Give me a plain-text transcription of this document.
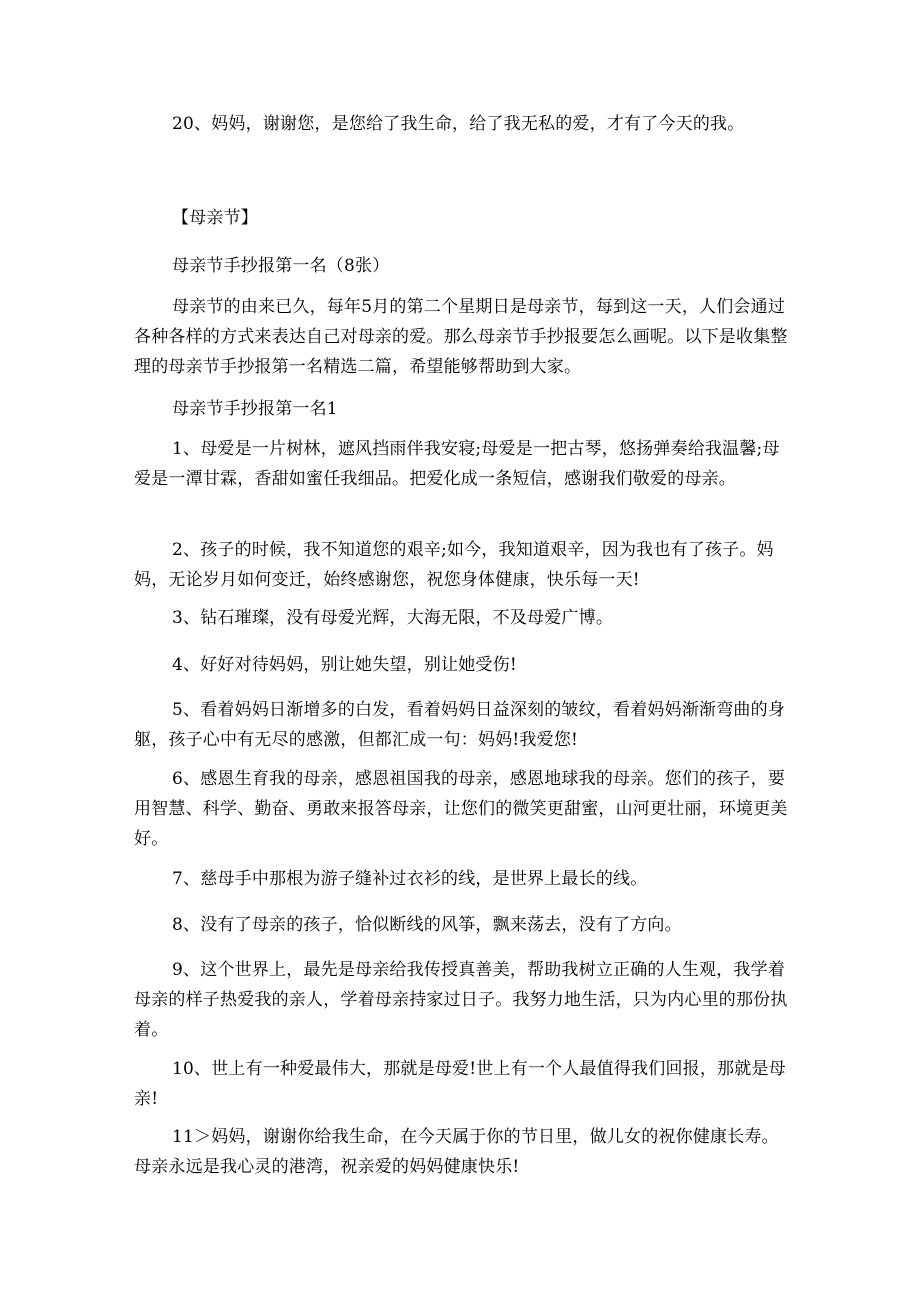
20、妈妈，谢谢您，是您给了我生命，给了我无私的爱，才有了今天的我。

【母亲节】

母亲节手抄报第一名（8张）

母亲节的由来已久，每年5月的第二个星期日是母亲节，每到这一天，人们会通过各种各样的方式来表达自己对母亲的爱。那么母亲节手抄报要怎么画呢。以下是收集整理的母亲节手抄报第一名精选二篇，希望能够帮助到大家。

母亲节手抄报第一名1

1、母爱是一片树林，遮风挡雨伴我安寝;母爱是一把古琴，悠扬弹奏给我温馨;母爱是一潭甘霖，香甜如蜜任我细品。把爱化成一条短信，感谢我们敬爱的母亲。

2、孩子的时候，我不知道您的艰辛;如今，我知道艰辛，因为我也有了孩子。妈妈，无论岁月如何变迁，始终感谢您，祝您身体健康，快乐每一天!

3、钻石璀璨，没有母爱光辉，大海无限，不及母爱广博。

4、好好对待妈妈，别让她失望，别让她受伤!

5、看着妈妈日渐增多的白发，看着妈妈日益深刻的皱纹，看着妈妈渐渐弯曲的身躯，孩子心中有无尽的感激，但都汇成一句：妈妈!我爱您!

6、感恩生育我的母亲，感恩祖国我的母亲，感恩地球我的母亲。您们的孩子，要用智慧、科学、勤奋、勇敢来报答母亲，让您们的微笑更甜蜜，山河更壮丽，环境更美好。

7、慈母手中那根为游子缝补过衣衫的线，是世界上最长的线。

8、没有了母亲的孩子，恰似断线的风筝，飘来荡去，没有了方向。

9、这个世界上，最先是母亲给我传授真善美，帮助我树立正确的人生观，我学着母亲的样子热爱我的亲人，学着母亲持家过日子。我努力地生活，只为内心里的那份执着。

10、世上有一种爱最伟大，那就是母爱!世上有一个人最值得我们回报，那就是母亲!

11＞妈妈，谢谢你给我生命，在今天属于你的节日里，做儿女的祝你健康长寿。母亲永远是我心灵的港湾，祝亲爱的妈妈健康快乐!
